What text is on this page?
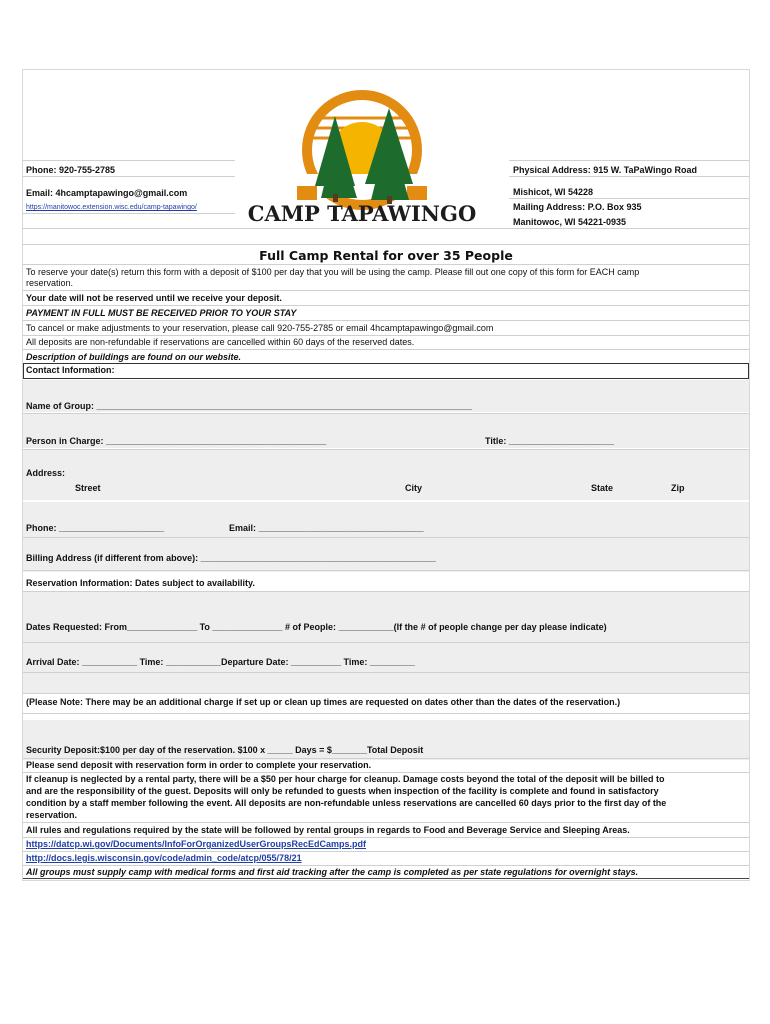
Phone: 920-755-2785
Email: 4hcamptapawingo@gmail.com
https://manitowoc.extension.wisc.edu/camp-tapawingo/
Physical Address: 915 W. TaPaWingo Road
Mishicot, WI 54228
Mailing Address: P.O. Box 935
Manitowoc, WI 54221-0935
CAMP TAPAWINGO
Full Camp Rental for over 35 People
To reserve your date(s) return this form with a deposit of $100 per day that you will be using the camp. Please fill out one copy of this form for EACH camp
reservation.
Your date will not be reserved until we receive your deposit.
PAYMENT IN FULL MUST BE RECEIVED PRIOR TO YOUR STAY
To cancel or make adjustments to your reservation, please call 920-755-2785 or email 4hcamptapawingo@gmail.com
All deposits are non-refundable if reservations are cancelled within 60 days of the reserved dates.
Description of buildings are found on our website.
Contact Information:
Name of Group: ___________________________________________________________________________
Person in Charge: ____________________________________________	Title: _____________________
Address:
Street	City	State	Zip
Phone: _____________________	Email: _________________________________
Billing Address (if different from above): _______________________________________________
Reservation Information: Dates subject to availability.
Dates Requested: From______________ To ______________ # of People: ___________(If the # of people change per day please indicate)
Arrival Date: ___________ Time: ___________Departure Date: __________ Time: _________
(Please Note: There may be an additional charge if set up or clean up times are requested on dates other than the dates of the reservation.)
Security Deposit:$100 per day of the reservation. $100 x _____ Days = $_______Total Deposit
Please send deposit with reservation form in order to complete your reservation.
If cleanup is neglected by a rental party, there will be a $50 per hour charge for cleanup. Damage costs beyond the total of the deposit will be billed to
and are the responsibility of the guest. Deposits will only be refunded to guests when inspection of the facility is complete and found in satisfactory
condition by a staff member following the event. All deposits are non-refundable unless reservations are cancelled 60 days prior to the first day of the
reservation.
All rules and regulations required by the state will be followed by rental groups in regards to Food and Beverage Service and Sleeping Areas.
https://datcp.wi.gov/Documents/InfoForOrganizedUserGroupsRecEdCamps.pdf
http://docs.legis.wisconsin.gov/code/admin_code/atcp/055/78/21
All groups must supply camp with medical forms and first aid tracking after the camp is completed as per state regulations for overnight stays.
